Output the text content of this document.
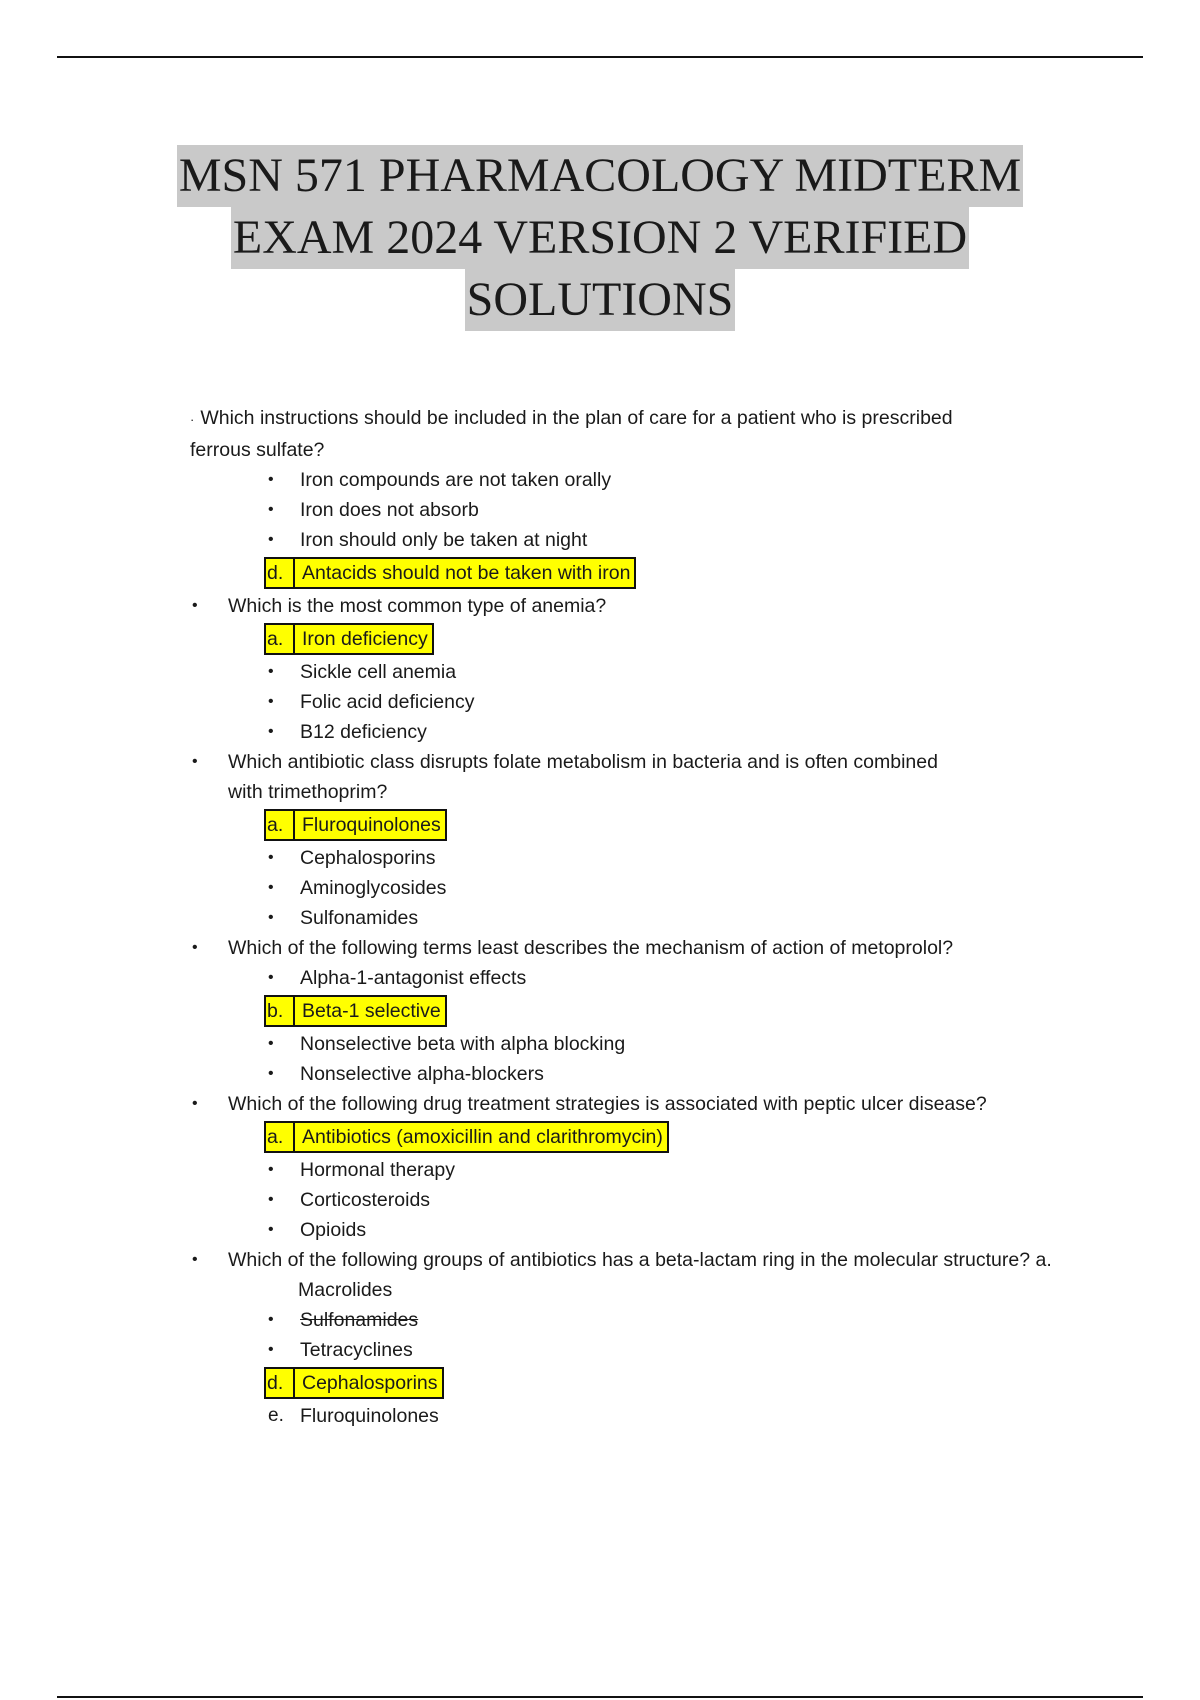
MSN 571 PHARMACOLOGY MIDTERM
EXAM 2024 VERSION 2 VERIFIED
SOLUTIONS
· Which instructions should be included in the plan of care for a patient who is prescribed
ferrous sulfate?
• Iron compounds are not taken orally
• Iron does not absorb
• Iron should only be taken at night
d. Antacids should not be taken with iron
• Which is the most common type of anemia?
a. Iron deficiency
• Sickle cell anemia
• Folic acid deficiency
• B12 deficiency
• Which antibiotic class disrupts folate metabolism in bacteria and is often combined
with trimethoprim?
a. Fluroquinolones
• Cephalosporins
• Aminoglycosides
• Sulfonamides
• Which of the following terms least describes the mechanism of action of metoprolol?
• Alpha-1-antagonist effects
b. Beta-1 selective
• Nonselective beta with alpha blocking
• Nonselective alpha-blockers
• Which of the following drug treatment strategies is associated with peptic ulcer disease?
a. Antibiotics (amoxicillin and clarithromycin)
• Hormonal therapy
• Corticosteroids
• Opioids
• Which of the following groups of antibiotics has a beta-lactam ring in the molecular structure? a.
Macrolides
• Sulfonamides
• Tetracyclines
d. Cephalosporins
e. Fluroquinolones
